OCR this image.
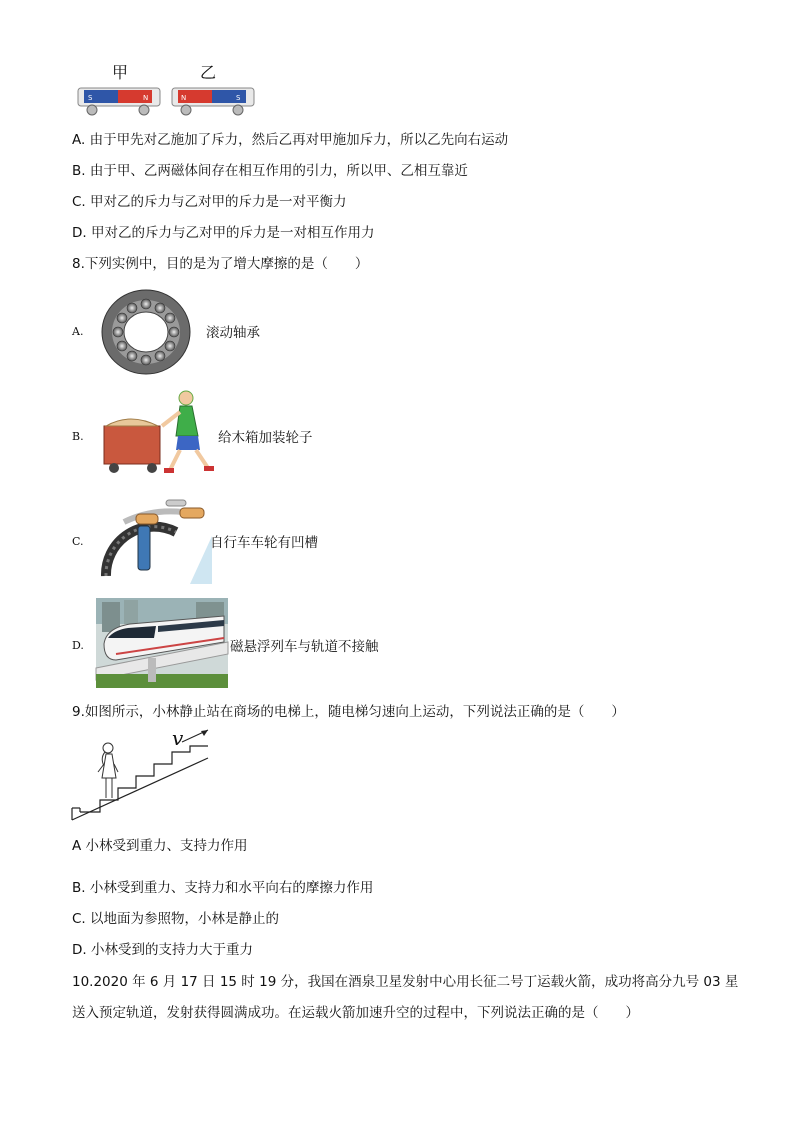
甲	乙
S	N	N	S
A. 由于甲先对乙施加了斥力，然后乙再对甲施加斥力，所以乙先向右运动
B. 由于甲、乙两磁体间存在相互作用的引力，所以甲、乙相互靠近
C. 甲对乙的斥力与乙对甲的斥力是一对平衡力
D. 甲对乙的斥力与乙对甲的斥力是一对相互作用力
8.下列实例中，目的是为了增大摩擦的是（　　）
A.	滚动轴承
B.	给木箱加装轮子
C.	自行车车轮有凹槽
D.	磁悬浮列车与轨道不接触
9.如图所示，小林静止站在商场的电梯上，随电梯匀速向上运动，下列说法正确的是（　　）
v
A 小林受到重力、支持力作用
B. 小林受到重力、支持力和水平向右的摩擦力作用
C. 以地面为参照物，小林是静止的
D. 小林受到的支持力大于重力
10.2020 年 6 月 17 日 15 时 19 分，我国在酒泉卫星发射中心用长征二号丁运载火箭，成功将高分九号 03 星
送入预定轨道，发射获得圆满成功。在运载火箭加速升空的过程中，下列说法正确的是（　　）
